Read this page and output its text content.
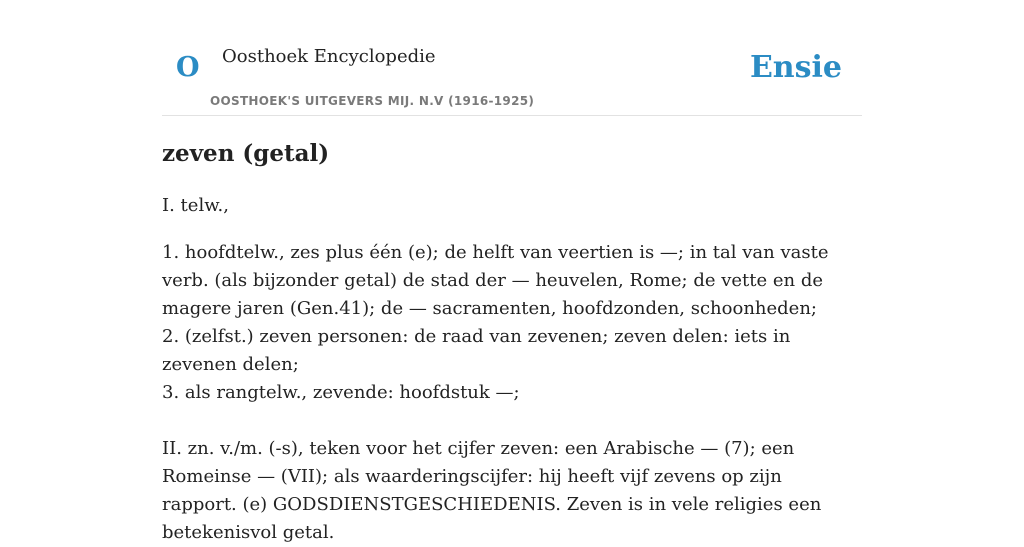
O Oosthoek Encyclopedie
OOSTHOEK'S UITGEVERS MIJ. N.V (1916-1925)
Ensie
zeven (getal)

I. telw.,

1. hoofdtelw., zes plus één (e); de helft van veertien is —; in tal van vaste verb. (als bijzonder getal) de stad der — heuvelen, Rome; de vette en de magere jaren (Gen.41); de — sacramenten, hoofdzonden, schoonheden;

2. (zelfst.) zeven personen: de raad van zevenen; zeven delen: iets in zevenen delen;

3. als rangtelw., zevende: hoofdstuk —;

II. zn. v./m. (-s), teken voor het cijfer zeven: een Arabische — (7); een Romeinse — (VII); als waarderingscijfer: hij heeft vijf zevens op zijn rapport. (e) GODSDIENSTGESCHIEDENIS. Zeven is in vele religies een betekenisvol getal.
